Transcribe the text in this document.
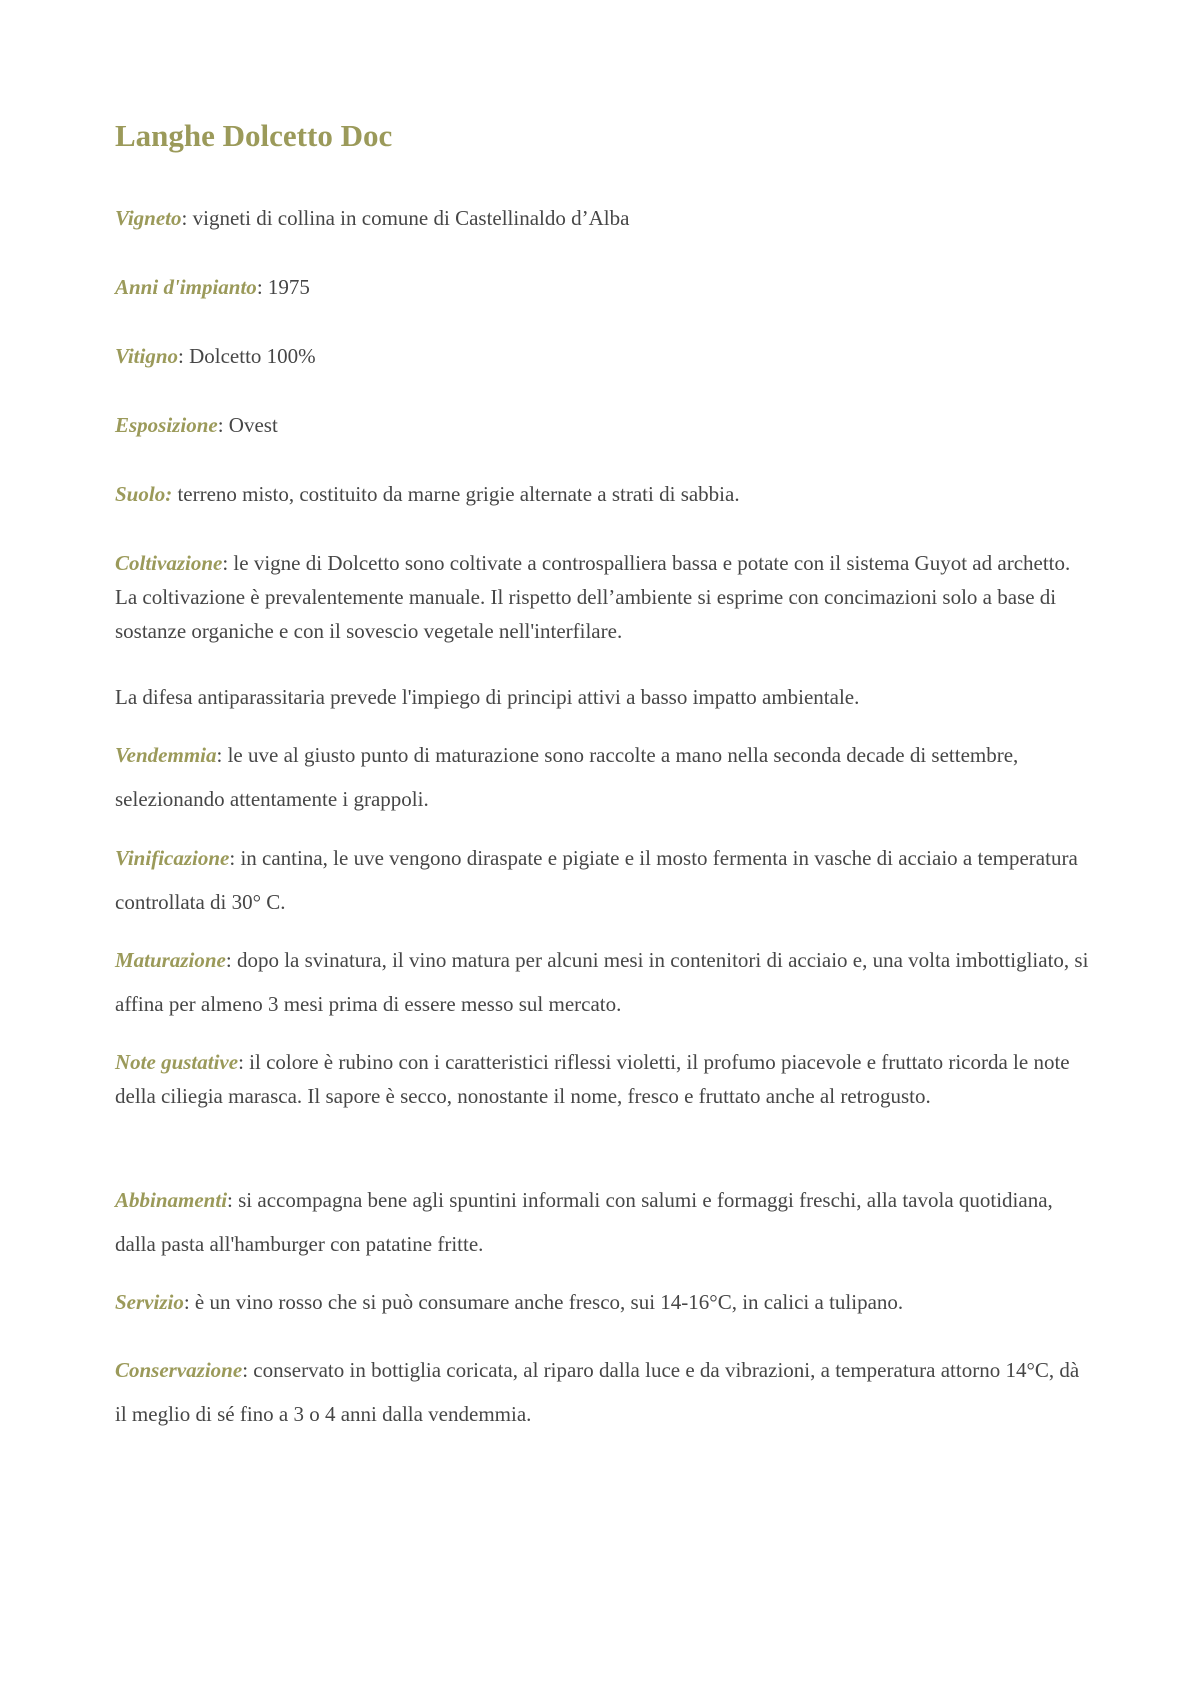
Langhe Dolcetto Doc

Vigneto: vigneti di collina in comune di Castellinaldo d’Alba

Anni d'impianto: 1975

Vitigno: Dolcetto 100%

Esposizione: Ovest

Suolo: terreno misto, costituito da marne grigie alternate a strati di sabbia.

Coltivazione: le vigne di Dolcetto sono coltivate a controspalliera bassa e potate con il sistema Guyot ad archetto. La coltivazione è prevalentemente manuale. Il rispetto dell’ambiente si esprime con concimazioni solo a base di sostanze organiche e con il sovescio vegetale nell'interfilare.

La difesa antiparassitaria prevede l'impiego di principi attivi a basso impatto ambientale.

Vendemmia: le uve al giusto punto di maturazione sono raccolte a mano nella seconda decade di settembre, selezionando attentamente i grappoli.

Vinificazione: in cantina, le uve vengono diraspate e pigiate e il mosto fermenta in vasche di acciaio a temperatura controllata di 30° C.

Maturazione: dopo la svinatura, il vino matura per alcuni mesi in contenitori di acciaio e, una volta imbottigliato, si affina per almeno 3 mesi prima di essere messo sul mercato.

Note gustative: il colore è rubino con i caratteristici riflessi violetti, il profumo piacevole e fruttato ricorda le note della ciliegia marasca. Il sapore è secco, nonostante il nome, fresco e fruttato anche al retrogusto.

Abbinamenti: si accompagna bene agli spuntini informali con salumi e formaggi freschi, alla tavola quotidiana, dalla pasta all'hamburger con patatine fritte.

Servizio: è un vino rosso che si può consumare anche fresco, sui 14-16°C, in calici a tulipano.

Conservazione: conservato in bottiglia coricata, al riparo dalla luce e da vibrazioni, a temperatura attorno 14°C, dà il meglio di sé fino a 3 o 4 anni dalla vendemmia.
